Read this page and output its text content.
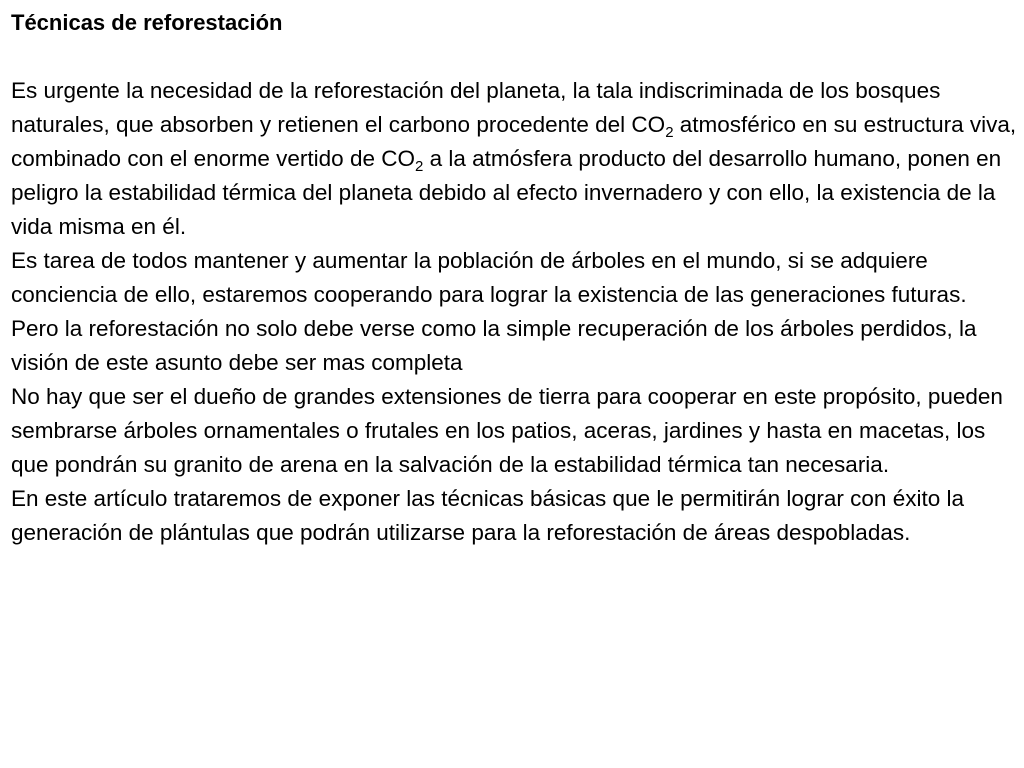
Técnicas de reforestación

Es urgente la necesidad de la reforestación del planeta, la tala indiscriminada de los bosques naturales, que absorben y retienen el carbono procedente del $CO_2$ atmosférico en su estructura viva, combinado con el enorme vertido de $CO_2$ a la atmósfera producto del desarrollo humano, ponen en peligro la estabilidad térmica del planeta debido al efecto invernadero y con ello, la existencia de la vida misma en él.

Es tarea de todos mantener y aumentar la población de árboles en el mundo, si se adquiere conciencia de ello, estaremos cooperando para lograr la existencia de las generaciones futuras.

Pero la reforestación no solo debe verse como la simple recuperación de los árboles perdidos, la visión de este asunto debe ser mas completa

No hay que ser el dueño de grandes extensiones de tierra para cooperar en este propósito, pueden sembrarse árboles ornamentales o frutales en los patios, aceras, jardines y hasta en macetas, los que pondrán su granito de arena en la salvación de la estabilidad térmica tan necesaria.

En este artículo trataremos de exponer las técnicas básicas que le permitirán lograr con éxito la generación de plántulas que podrán utilizarse para la reforestación de áreas despobladas.
